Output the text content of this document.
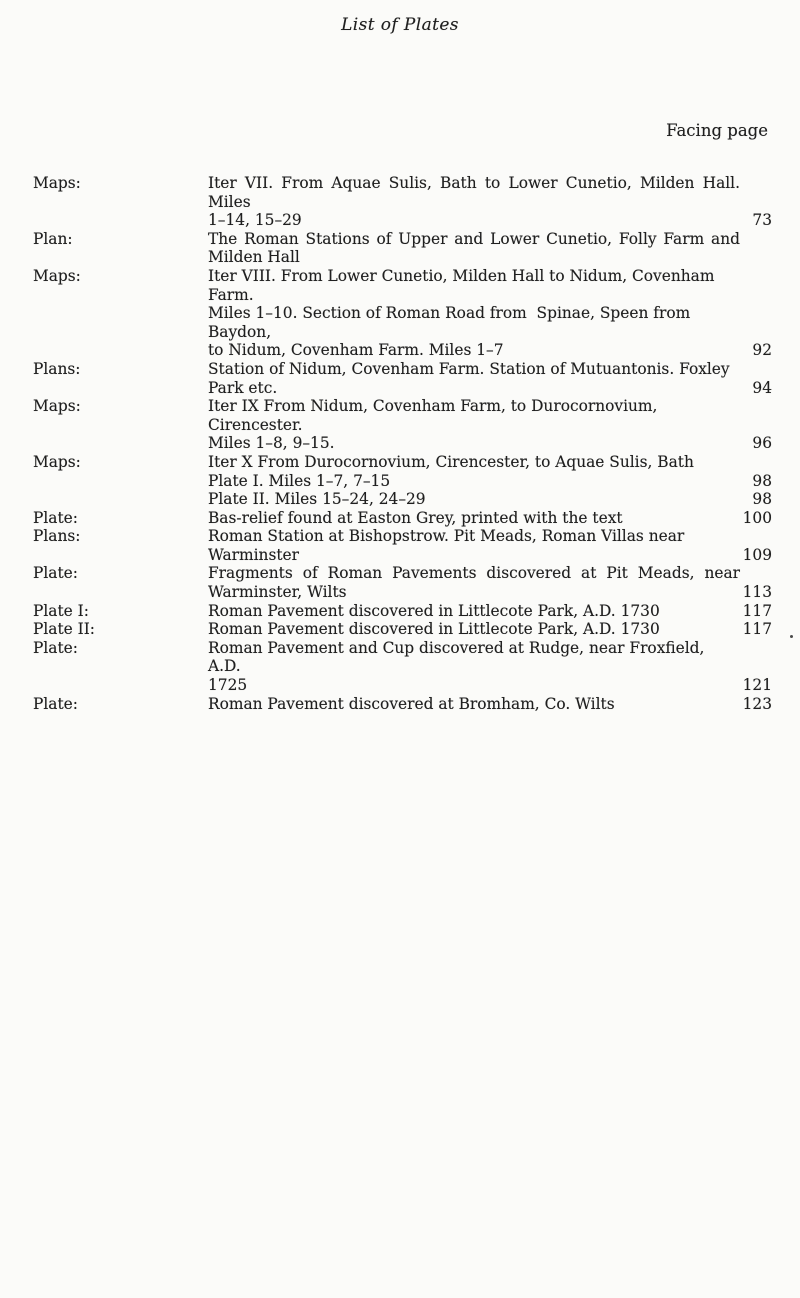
List of Plates
Facing page
Maps:	Iter VII. From Aquae Sulis, Bath to Lower Cunetio, Milden Hall. Miles
1–14, 15–29	73
Plan:	The Roman Stations of Upper and Lower Cunetio, Folly Farm and
Milden Hall
Maps:	Iter VIII. From Lower Cunetio, Milden Hall to Nidum, Covenham Farm.
Miles 1–10. Section of Roman Road from  Spinae, Speen from Baydon,
to Nidum, Covenham Farm. Miles 1–7	92
Plans:	Station of Nidum, Covenham Farm. Station of Mutuantonis. Foxley
Park etc.	94
Maps:	Iter IX From Nidum, Covenham Farm, to Durocornovium, Cirencester.
Miles 1–8, 9–15.	96
Maps:	Iter X From Durocornovium, Cirencester, to Aquae Sulis, Bath
Plate I. Miles 1–7, 7–15	98
Plate II. Miles 15–24, 24–29	98
Plate:	Bas-relief found at Easton Grey, printed with the text	100
Plans:	Roman Station at Bishopstrow. Pit Meads, Roman Villas near
Warminster	109
Plate:	Fragments of Roman Pavements discovered at Pit Meads, near
Warminster, Wilts	113
Plate I:	Roman Pavement discovered in Littlecote Park, A.D. 1730	117
Plate II:	Roman Pavement discovered in Littlecote Park, A.D. 1730	117
Plate:	Roman Pavement and Cup discovered at Rudge, near Froxfield, A.D.
1725	121
Plate:	Roman Pavement discovered at Bromham, Co. Wilts	123
